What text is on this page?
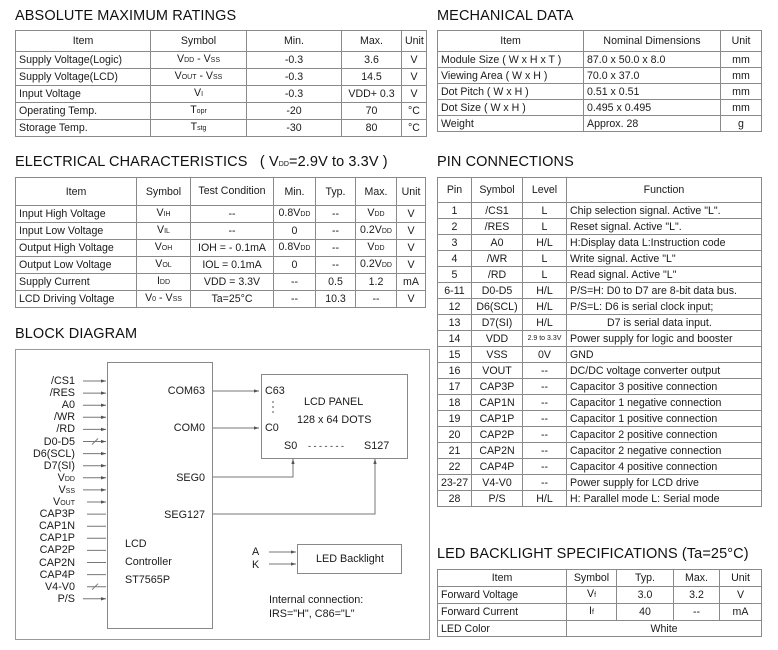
ABSOLUTE MAXIMUM RATINGS
Item	Symbol	Min.	Max.	Unit
Supply Voltage(Logic)	VDD - VSS	-0.3	3.6	V
Supply Voltage(LCD)	VOUT - VSS	-0.3	14.5	V
Input Voltage	VI	-0.3	VDD+ 0.3	V
Operating Temp.	Topr	-20	70	°C
Storage Temp.	Tstg	-30	80	°C
MECHANICAL DATA
Item	Nominal Dimensions	Unit
Module Size ( W x H x T )	87.0 x 50.0 x 8.0	mm
Viewing Area ( W x H )	70.0 x 37.0	mm
Dot Pitch ( W x H )	0.51 x 0.51	mm
Dot Size ( W x H )	0.495 x 0.495	mm
Weight	Approx. 28	g
ELECTRICAL CHARACTERISTICS ( VDD=2.9V to 3.3V )
Item	Symbol	Test Condition	Min.	Typ.	Max.	Unit
Input High Voltage	VIH	--	0.8VDD	--	VDD	V
Input Low Voltage	VIL	--	0	--	0.2VDD	V
Output High Voltage	VOH	IOH = - 0.1mA	0.8VDD	--	VDD	V
Output Low Voltage	VOL	IOL = 0.1mA	0	--	0.2VDD	V
Supply Current	IDD	VDD = 3.3V	--	0.5	1.2	mA
LCD Driving Voltage	V0 - VSS	Ta=25°C	--	10.3	--	V
PIN CONNECTIONS
Pin	Symbol	Level	Function
1	/CS1	L	Chip selection signal. Active "L".
2	/RES	L	Reset signal. Active "L".
3	A0	H/L	H:Display data L:Instruction code
4	/WR	L	Write signal. Active "L"
5	/RD	L	Read signal. Active "L"
6-11	D0-D5	H/L	P/S=H: D0 to D7 are 8-bit data bus.
12	D6(SCL)	H/L	P/S=L: D6 is serial clock input;
13	D7(SI)	H/L	D7 is serial data input.
14	VDD	2.9 to 3.3V	Power supply for logic and booster
15	VSS	0V	GND
16	VOUT	--	DC/DC voltage converter output
17	CAP3P	--	Capacitor 3 positive connection
18	CAP1N	--	Capacitor 1 negative connection
19	CAP1P	--	Capacitor 1 positive connection
20	CAP2P	--	Capacitor 2 positive connection
21	CAP2N	--	Capacitor 2 negative connection
22	CAP4P	--	Capacitor 4 positive connection
23-27	V4-V0	--	Power supply for LCD drive
28	P/S	H/L	H: Parallel mode L: Serial mode
LED BACKLIGHT SPECIFICATIONS (Ta=25°C)
Item	Symbol	Typ.	Max.	Unit
Forward Voltage	Vf	3.0	3.2	V
Forward Current	If	40	--	mA
LED Color	White			
BLOCK DIAGRAM
LCD
Controller
ST7565P
COM63
COM0
SEG0
SEG127
/CS1
/RES
A0
/WR
/RD
D0-D5
D6(SCL)
D7(SI)
VDD
VSS
VOUT
CAP3P
CAP1N
CAP1P
CAP2P
CAP2N
CAP4P
V4-V0
P/S
C63
C0
LCD PANEL
128 x 64 DOTS
S0 - - - - - - - S127
A
K	LED Backlight
Internal connection:
IRS="H", C86="L"
